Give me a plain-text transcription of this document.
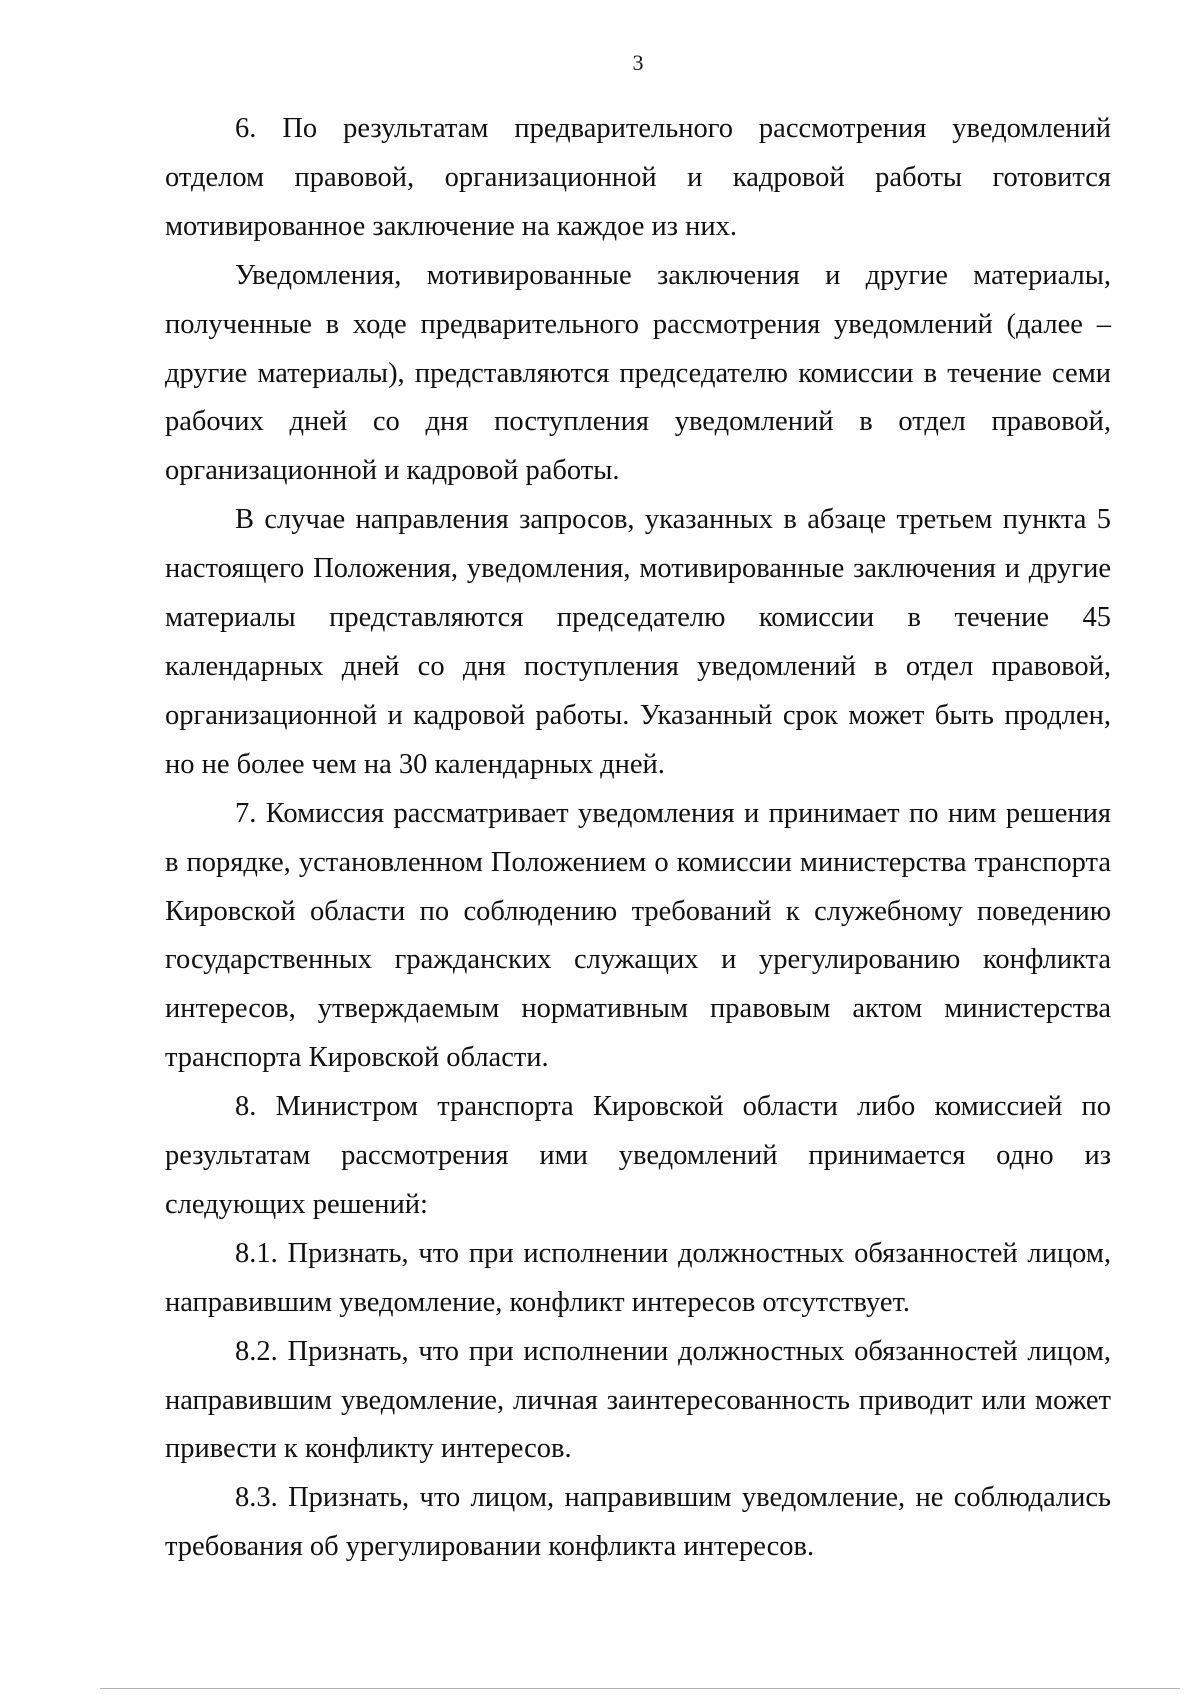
3

6. По результатам предварительного рассмотрения уведомлений отделом правовой, организационной и кадровой работы готовится мотивированное заключение на каждое из них.

Уведомления, мотивированные заключения и другие материалы, полученные в ходе предварительного рассмотрения уведомлений (далее – другие материалы), представляются председателю комиссии в течение семи рабочих дней со дня поступления уведомлений в отдел правовой, организационной и кадровой работы.

В случае направления запросов, указанных в абзаце третьем пункта 5 настоящего Положения, уведомления, мотивированные заключения и другие материалы представляются председателю комиссии в течение 45 календарных дней со дня поступления уведомлений в отдел правовой, организационной и кадровой работы. Указанный срок может быть продлен, но не более чем на 30 календарных дней.

7. Комиссия рассматривает уведомления и принимает по ним решения в порядке, установленном Положением о комиссии министерства транспорта Кировской области по соблюдению требований к служебному поведению государственных гражданских служащих и урегулированию конфликта интересов, утверждаемым нормативным правовым актом министерства транспорта Кировской области.

8. Министром транспорта Кировской области либо комиссией по результатам рассмотрения ими уведомлений принимается одно из следующих решений:

8.1. Признать, что при исполнении должностных обязанностей лицом, направившим уведомление, конфликт интересов отсутствует.

8.2. Признать, что при исполнении должностных обязанностей лицом, направившим уведомление, личная заинтересованность приводит или может привести к конфликту интересов.

8.3. Признать, что лицом, направившим уведомление, не соблюдались требования об урегулировании конфликта интересов.
